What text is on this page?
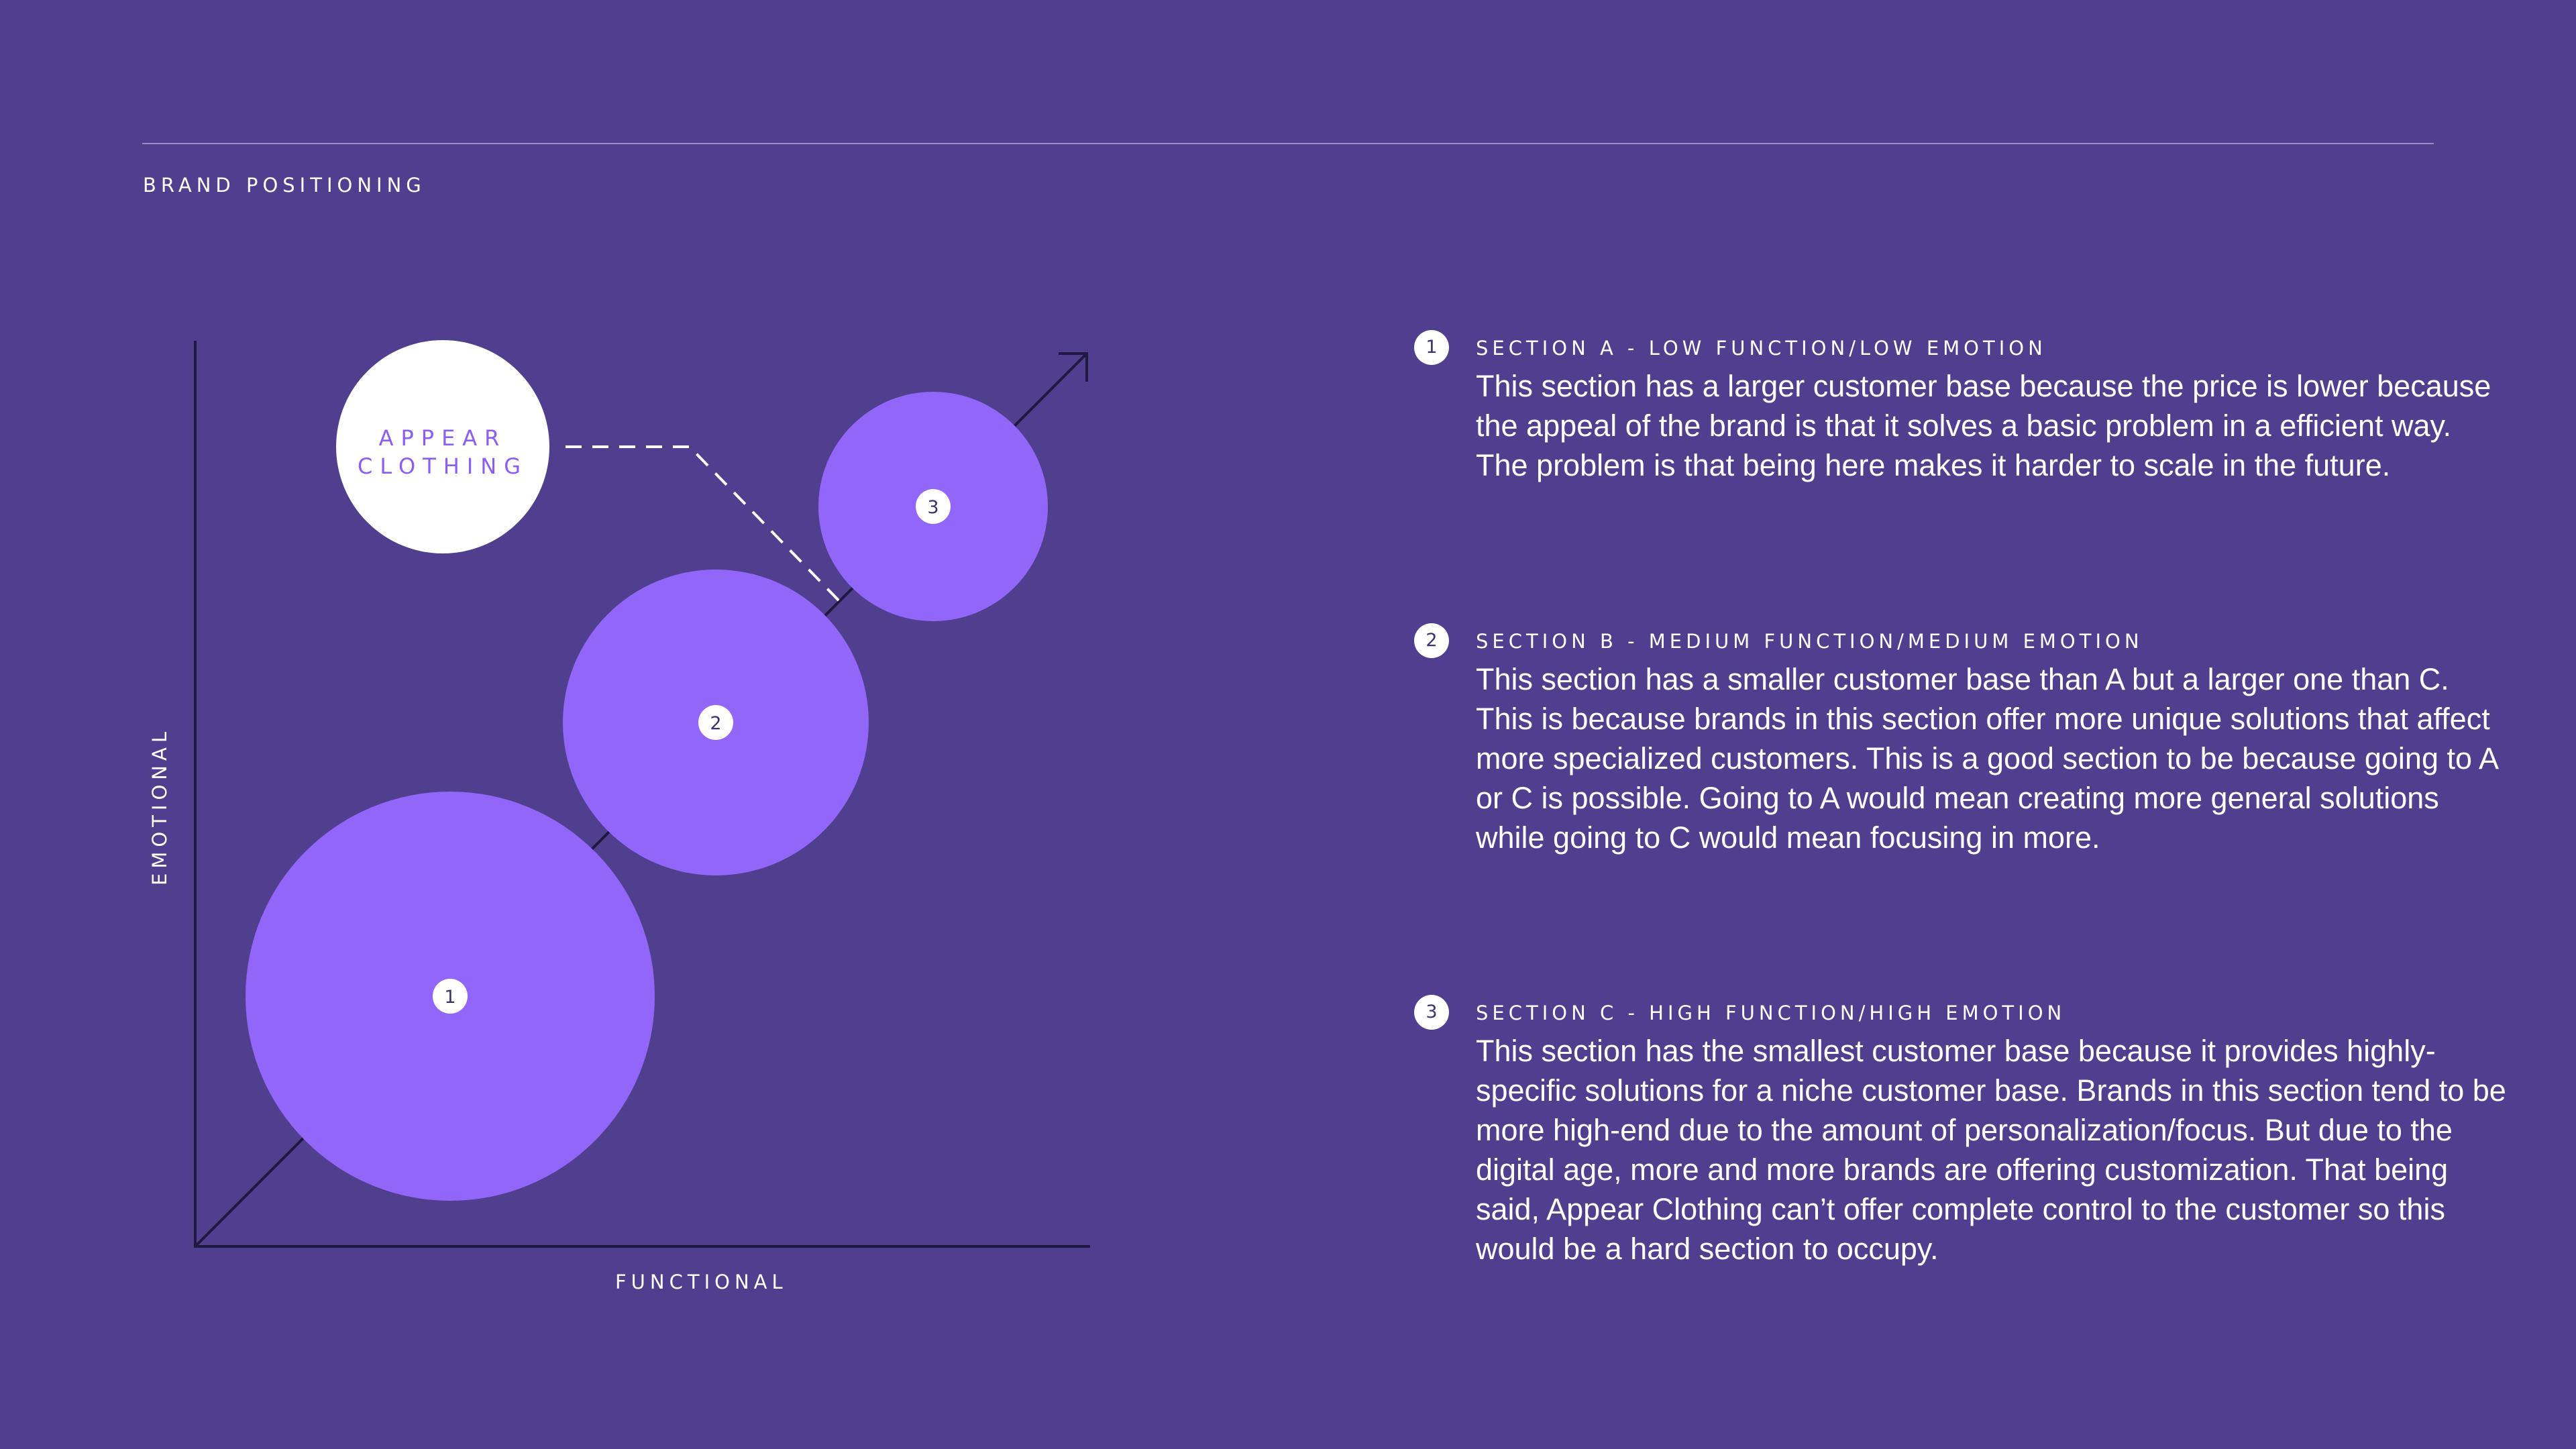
BRAND POSITIONING
1
2
3
APPEAR
CLOTHING
FUNCTIONAL
EMOTIONAL
1	SECTION A - LOW FUNCTION/LOW EMOTION
This section has a larger customer base because the price is lower because the appeal of the brand is that it solves a basic problem in a efficient way. The problem is that being here makes it harder to scale in the future.
2	SECTION B - MEDIUM FUNCTION/MEDIUM EMOTION
This section has a smaller customer base than A but a larger one than C. This is because brands in this section offer more unique solutions that affect more specialized customers. This is a good section to be because going to A or C is possible. Going to A would mean creating more general solutions while going to C would mean focusing in more.
3	SECTION C - HIGH FUNCTION/HIGH EMOTION
This section has the smallest customer base because it provides highly-specific solutions for a niche customer base. Brands in this section tend to be more high-end due to the amount of personalization/focus. But due to the digital age, more and more brands are offering customization. That being said, Appear Clothing can’t offer complete control to the customer so this would be a hard section to occupy.
